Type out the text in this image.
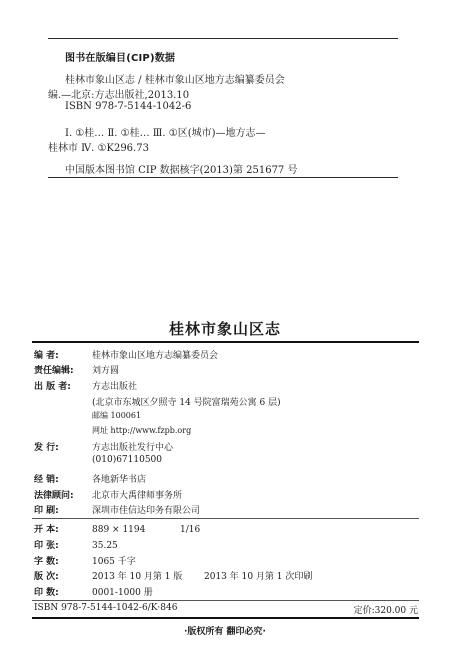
图书在版编目(CIP)数据
桂林市象山区志 / 桂林市象山区地方志编纂委员会
编.—北京:方志出版社,2013.10
ISBN 978-7-5144-1042-6
Ⅰ. ①桂… Ⅱ. ①桂… Ⅲ. ①区(城市)—地方志—
桂林市 Ⅳ. ①K296.73
中国版本图书馆 CIP 数据核字(2013)第 251677 号
桂林市象山区志
编 者:	桂林市象山区地方志编纂委员会
责任编辑:	刘方圆
出 版 者:	方志出版社
(北京市东城区夕照寺 14 号院富瑞苑公寓 6 层)
邮编 100061
网址 http://www.fzpb.org
发 行:	方志出版社发行中心
(010)67110500
经 销:	各地新华书店
法律顾问:	北京市大禹律师事务所
印 刷:	深圳市佳信达印务有限公司
开 本:	889 × 1194	1/16
印 张:	35.25
字 数:	1065 千字
版 次:	2013 年 10 月第 1 版	2013 年 10 月第 1 次印刷
印 数:	0001-1000 册
ISBN 978-7-5144-1042-6/K·846	定价:320.00 元
·版权所有 翻印必究·
